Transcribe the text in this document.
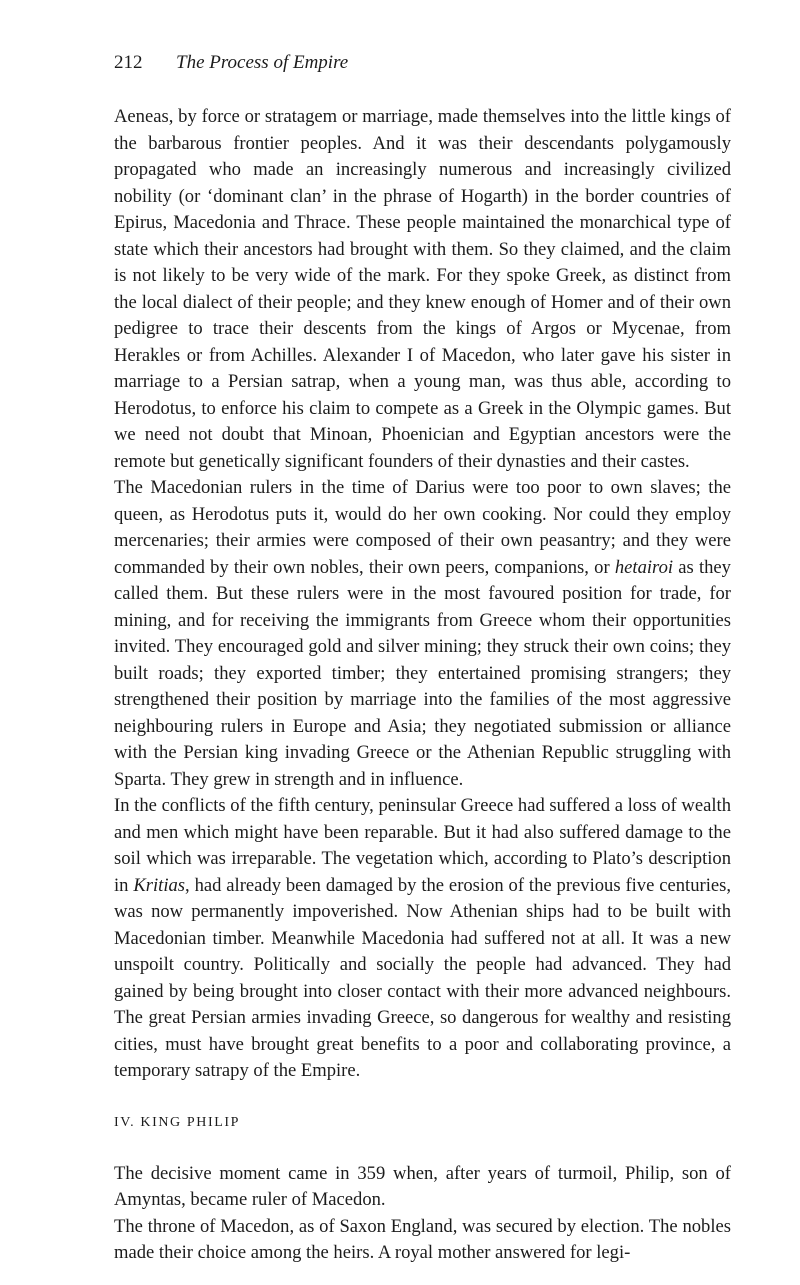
212 The Process of Empire

Aeneas, by force or stratagem or marriage, made themselves into the little kings of the barbarous frontier peoples. And it was their descendants polygamously propagated who made an increasingly numerous and increasingly civilized nobility (or ‘dominant clan’ in the phrase of Hogarth) in the border countries of Epirus, Macedonia and Thrace. These people maintained the monarchical type of state which their ancestors had brought with them. So they claimed, and the claim is not likely to be very wide of the mark. For they spoke Greek, as distinct from the local dialect of their people; and they knew enough of Homer and of their own pedigree to trace their descents from the kings of Argos or Mycenae, from Herakles or from Achilles. Alexander I of Macedon, who later gave his sister in marriage to a Persian satrap, when a young man, was thus able, according to Herodotus, to enforce his claim to compete as a Greek in the Olympic games. But we need not doubt that Minoan, Phoenician and Egyptian ancestors were the remote but genetically significant founders of their dynasties and their castes.

The Macedonian rulers in the time of Darius were too poor to own slaves; the queen, as Herodotus puts it, would do her own cooking. Nor could they employ mercenaries; their armies were composed of their own peasantry; and they were commanded by their own nobles, their own peers, companions, or hetairoi as they called them. But these rulers were in the most favoured position for trade, for mining, and for receiving the immigrants from Greece whom their opportunities invited. They encouraged gold and silver mining; they struck their own coins; they built roads; they exported timber; they entertained promising strangers; they strengthened their position by marriage into the families of the most aggressive neighbouring rulers in Europe and Asia; they negotiated submission or alliance with the Persian king invading Greece or the Athenian Republic struggling with Sparta. They grew in strength and in influence.

In the conflicts of the fifth century, peninsular Greece had suffered a loss of wealth and men which might have been reparable. But it had also suffered damage to the soil which was irreparable. The vegetation which, according to Plato’s description in Kritias, had already been damaged by the erosion of the previous five centuries, was now permanently impoverished. Now Athenian ships had to be built with Macedonian timber. Meanwhile Macedonia had suffered not at all. It was a new unspoilt country. Politically and socially the people had advanced. They had gained by being brought into closer contact with their more advanced neighbours. The great Persian armies invading Greece, so dangerous for wealthy and resisting cities, must have brought great benefits to a poor and collaborating province, a temporary satrapy of the Empire.

IV. KING PHILIP

The decisive moment came in 359 when, after years of turmoil, Philip, son of Amyntas, became ruler of Macedon.

The throne of Macedon, as of Saxon England, was secured by election. The nobles made their choice among the heirs. A royal mother answered for legi-
